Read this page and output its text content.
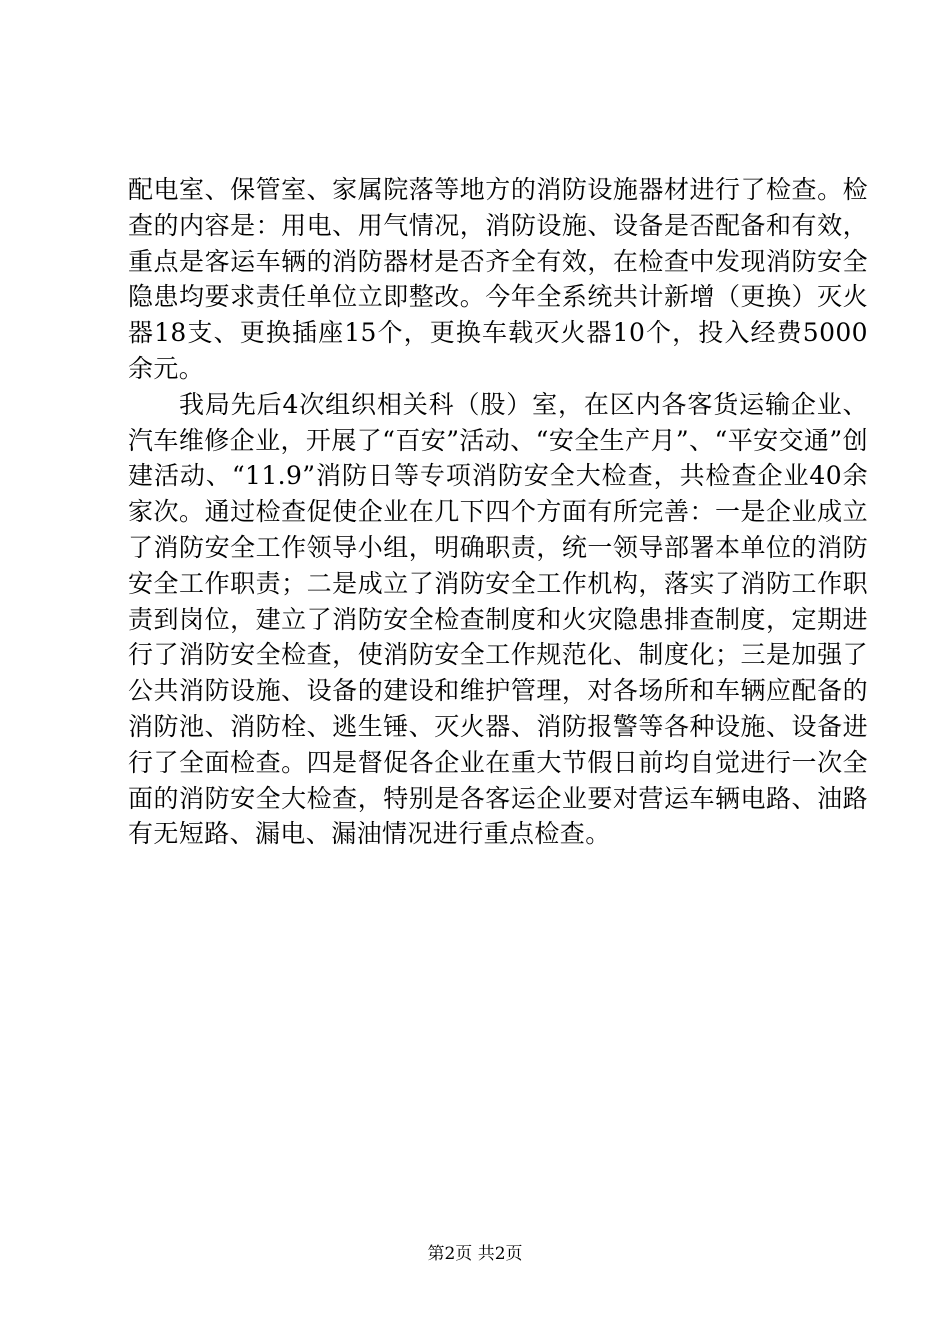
配电室、保管室、家属院落等地方的消防设施器材进行了检查。检查的内容是：用电、用气情况，消防设施、设备是否配备和有效，重点是客运车辆的消防器材是否齐全有效，在检查中发现消防安全隐患均要求责任单位立即整改。今年全系统共计新增（更换）灭火器18支、更换插座15个，更换车载灭火器10个，投入经费5000余元。

我局先后4次组织相关科（股）室，在区内各客货运输企业、汽车维修企业，开展了“百安”活动、“安全生产月”、“平安交通”创建活动、“11.9”消防日等专项消防安全大检查，共检查企业40余家次。通过检查促使企业在几下四个方面有所完善：一是企业成立了消防安全工作领导小组，明确职责，统一领导部署本单位的消防安全工作职责；二是成立了消防安全工作机构，落实了消防工作职责到岗位，建立了消防安全检查制度和火灾隐患排查制度，定期进行了消防安全检查，使消防安全工作规范化、制度化；三是加强了公共消防设施、设备的建设和维护管理，对各场所和车辆应配备的消防池、消防栓、逃生锤、灭火器、消防报警等各种设施、设备进行了全面检查。四是督促各企业在重大节假日前均自觉进行一次全面的消防安全大检查，特别是各客运企业要对营运车辆电路、油路有无短路、漏电、漏油情况进行重点检查。

第2页 共2页
